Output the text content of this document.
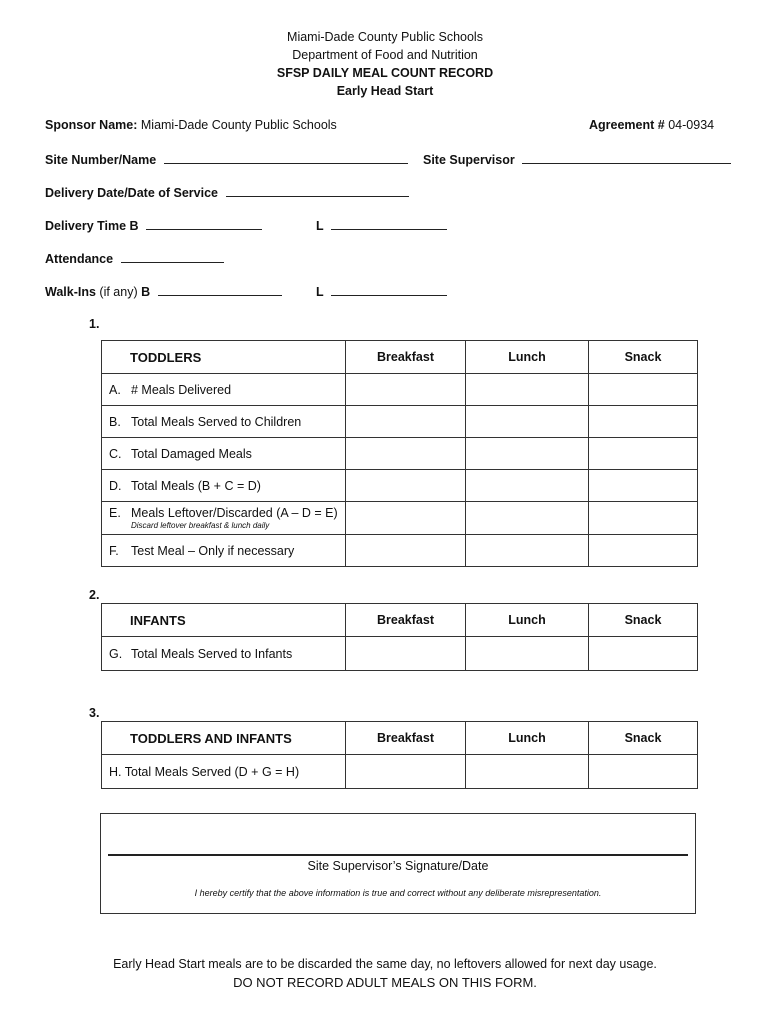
Miami-Dade County Public Schools
Department of Food and Nutrition
SFSP DAILY MEAL COUNT RECORD
Early Head Start
Sponsor Name: Miami-Dade County Public Schools	Agreement # 04-0934
Site Number/Name	Site Supervisor
Delivery Date/Date of Service
Delivery Time B	L
Attendance
Walk-Ins (if any) B	L
1.
TODDLERS	Breakfast	Lunch	Snack
A. # Meals Delivered			
B. Total Meals Served to Children			
C. Total Damaged Meals			
D. Total Meals (B + C = D)			
E. Meals Leftover/Discarded (A – D = E)
Discard leftover breakfast & lunch daily			

F. Test Meal – Only if necessary			
2.
INFANTS	Breakfast	Lunch	Snack
G. Total Meals Served to Infants			
3.
TODDLERS AND INFANTS	Breakfast	Lunch	Snack
H. Total Meals Served (D + G = H)			
Site Supervisor’s Signature/Date
I hereby certify that the above information is true and correct without any deliberate misrepresentation.
Early Head Start meals are to be discarded the same day, no leftovers allowed for next day usage.
DO NOT RECORD ADULT MEALS ON THIS FORM.
